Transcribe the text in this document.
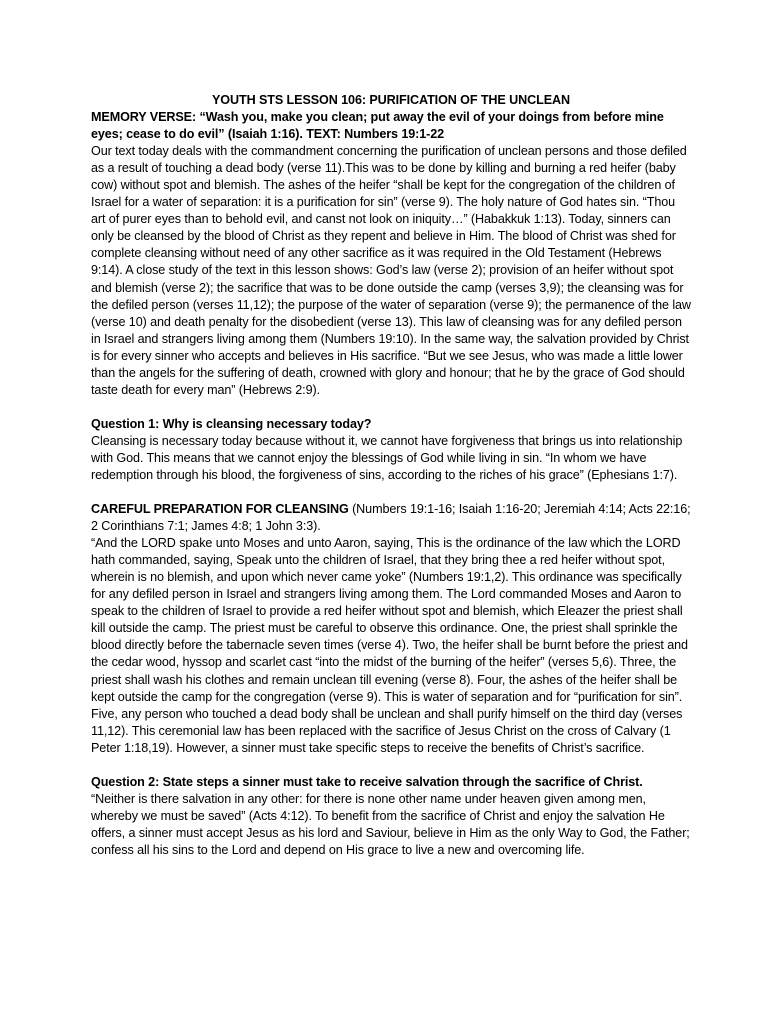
YOUTH STS LESSON 106: PURIFICATION OF THE UNCLEAN

MEMORY VERSE: “Wash you, make you clean; put away the evil of your doings from before mine eyes; cease to do evil” (Isaiah 1:16). TEXT: Numbers 19:1-22

Our text today deals with the commandment concerning the purification of unclean persons and those defiled as a result of touching a dead body (verse 11).This was to be done by killing and burning a red heifer (baby cow) without spot and blemish. The ashes of the heifer “shall be kept for the congregation of the children of Israel for a water of separation: it is a purification for sin” (verse 9). The holy nature of God hates sin. “Thou art of purer eyes than to behold evil, and canst not look on iniquity…” (Habakkuk 1:13). Today, sinners can only be cleansed by the blood of Christ as they repent and believe in Him. The blood of Christ was shed for complete cleansing without need of any other sacrifice as it was required in the Old Testament (Hebrews 9:14). A close study of the text in this lesson shows: God’s law (verse 2); provision of an heifer without spot and blemish (verse 2); the sacrifice that was to be done outside the camp (verses 3,9); the cleansing was for the defiled person (verses 11,12); the purpose of the water of separation (verse 9); the permanence of the law (verse 10) and death penalty for the disobedient (verse 13). This law of cleansing was for any defiled person in Israel and strangers living among them (Numbers 19:10). In the same way, the salvation provided by Christ is for every sinner who accepts and believes in His sacrifice. “But we see Jesus, who was made a little lower than the angels for the suffering of death, crowned with glory and honour; that he by the grace of God should taste death for every man” (Hebrews 2:9).

Question 1: Why is cleansing necessary today?

Cleansing is necessary today because without it, we cannot have forgiveness that brings us into relationship with God. This means that we cannot enjoy the blessings of God while living in sin. “In whom we have redemption through his blood, the forgiveness of sins, according to the riches of his grace” (Ephesians 1:7).

CAREFUL PREPARATION FOR CLEANSING (Numbers 19:1-16; Isaiah 1:16-20; Jeremiah 4:14; Acts 22:16; 2 Corinthians 7:1; James 4:8; 1 John 3:3).

“And the LORD spake unto Moses and unto Aaron, saying, This is the ordinance of the law which the LORD hath commanded, saying, Speak unto the children of Israel, that they bring thee a red heifer without spot, wherein is no blemish, and upon which never came yoke” (Numbers 19:1,2). This ordinance was specifically for any defiled person in Israel and strangers living among them. The Lord commanded Moses and Aaron to speak to the children of Israel to provide a red heifer without spot and blemish, which Eleazer the priest shall kill outside the camp. The priest must be careful to observe this ordinance. One, the priest shall sprinkle the blood directly before the tabernacle seven times (verse 4). Two, the heifer shall be burnt before the priest and the cedar wood, hyssop and scarlet cast “into the midst of the burning of the heifer” (verses 5,6). Three, the priest shall wash his clothes and remain unclean till evening (verse 8). Four, the ashes of the heifer shall be kept outside the camp for the congregation (verse 9). This is water of separation and for “purification for sin”. Five, any person who touched a dead body shall be unclean and shall purify himself on the third day (verses 11,12). This ceremonial law has been replaced with the sacrifice of Jesus Christ on the cross of Calvary (1 Peter 1:18,19). However, a sinner must take specific steps to receive the benefits of Christ’s sacrifice.

Question 2: State steps a sinner must take to receive salvation through the sacrifice of Christ.

“Neither is there salvation in any other: for there is none other name under heaven given among men, whereby we must be saved” (Acts 4:12). To benefit from the sacrifice of Christ and enjoy the salvation He offers, a sinner must accept Jesus as his lord and Saviour, believe in Him as the only Way to God, the Father; confess all his sins to the Lord and depend on His grace to live a new and overcoming life.
